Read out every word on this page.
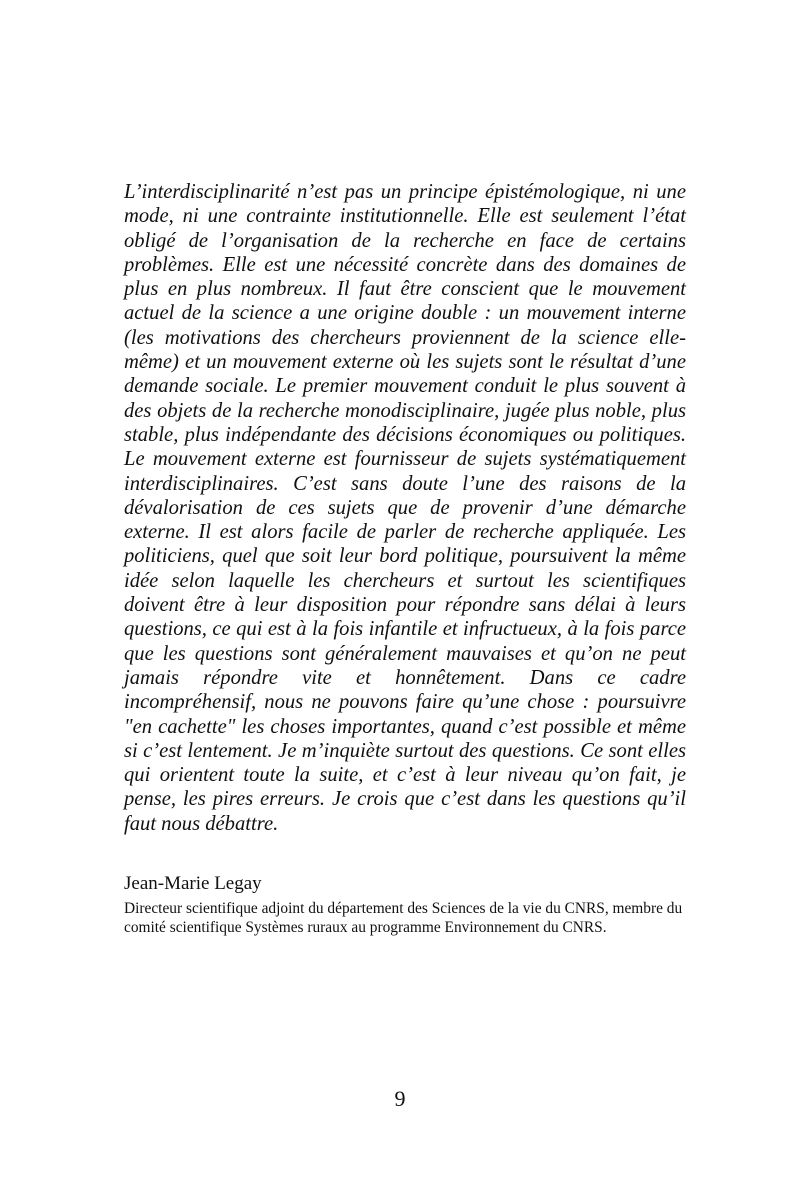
L’interdisciplinarité n’est pas un principe épistémologique, ni une mode, ni une contrainte institutionnelle. Elle est seulement l’état obligé de l’organisation de la recherche en face de certains problèmes. Elle est une nécessité concrète dans des domaines de plus en plus nombreux. Il faut être conscient que le mouvement actuel de la science a une origine double : un mouvement interne (les motivations des chercheurs proviennent de la science elle-même) et un mouvement externe où les sujets sont le résultat d’une demande sociale. Le premier mouvement conduit le plus souvent à des objets de la recherche monodisciplinaire, jugée plus noble, plus stable, plus indépendante des décisions économiques ou politiques. Le mouvement externe est fournisseur de sujets systématiquement interdisciplinaires. C’est sans doute l’une des raisons de la dévalorisation de ces sujets que de provenir d’une démarche externe. Il est alors facile de parler de recherche appliquée. Les politiciens, quel que soit leur bord politique, poursuivent la même idée selon laquelle les chercheurs et surtout les scientifiques doivent être à leur disposition pour répondre sans délai à leurs questions, ce qui est à la fois infantile et infructueux, à la fois parce que les questions sont généralement mauvaises et qu’on ne peut jamais répondre vite et honnêtement. Dans ce cadre incompréhensif, nous ne pouvons faire qu’une chose : poursuivre "en cachette" les choses importantes, quand c’est possible et même si c’est lentement. Je m’inquiète surtout des questions. Ce sont elles qui orientent toute la suite, et c’est à leur niveau qu’on fait, je pense, les pires erreurs. Je crois que c’est dans les questions qu’il faut nous débattre.

Jean-Marie Legay

Directeur scientifique adjoint du département des Sciences de la vie du CNRS, membre du comité scientifique Systèmes ruraux au programme Environnement du CNRS.

9
